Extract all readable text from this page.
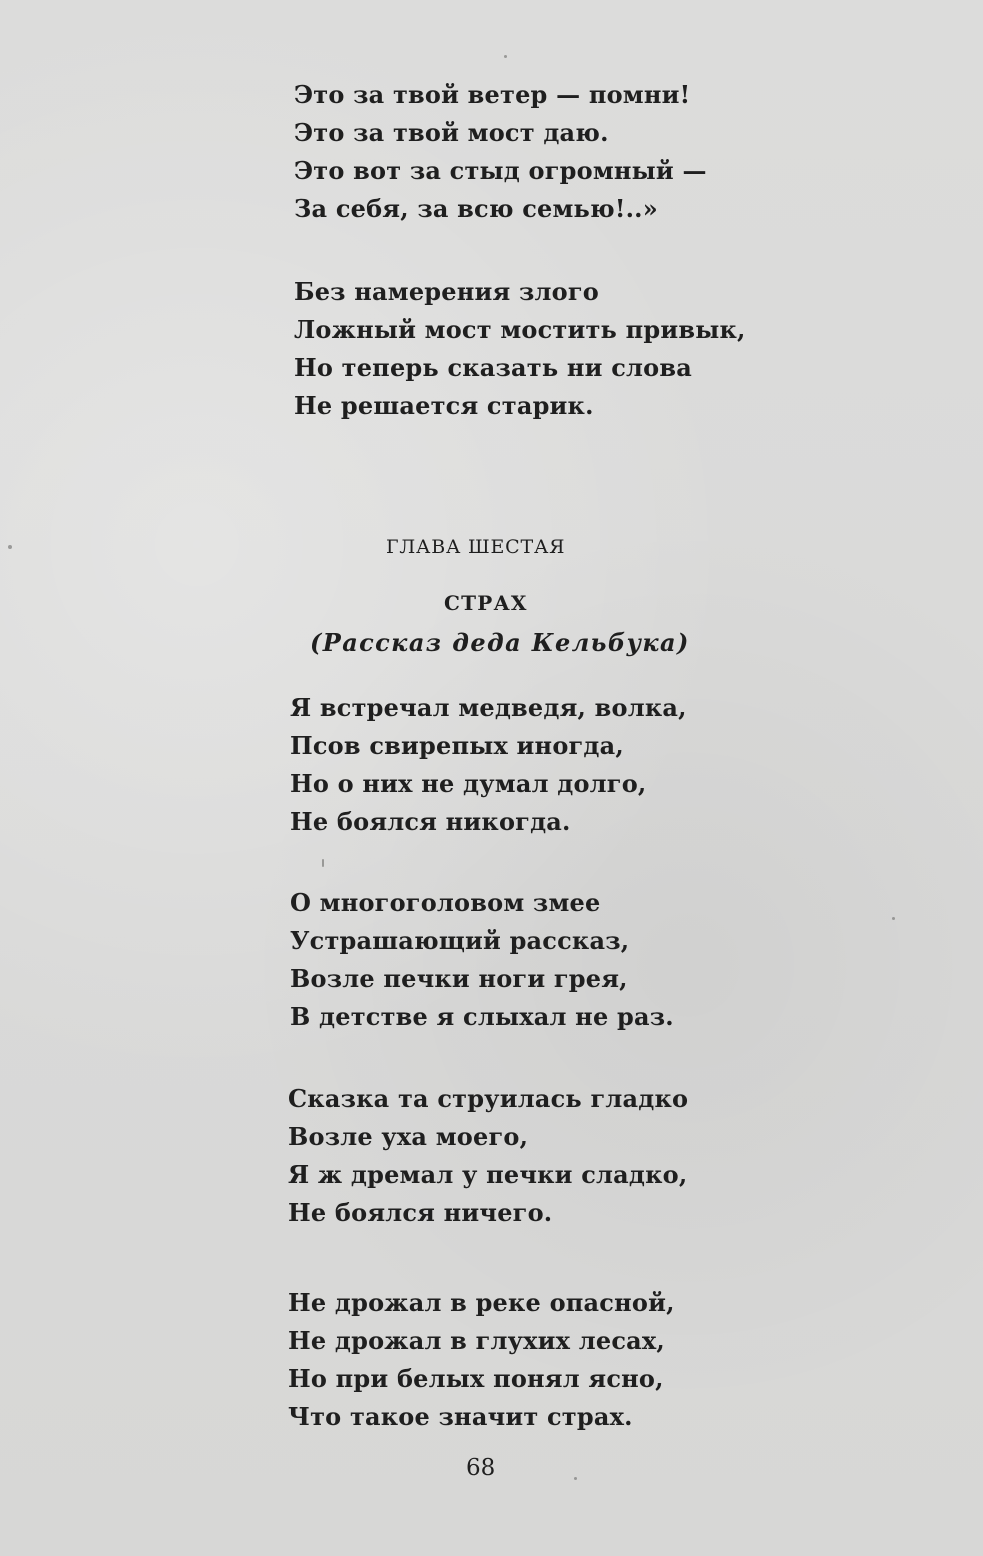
Это за твой ветер — помни!
Это за твой мост даю.
Это вот за стыд огромный —
За себя, за всю семью!..»
Без намерения злого
Ложный мост мостить привык,
Но теперь сказать ни слова
Не решается старик.
ГЛАВА ШЕСТАЯ
СТРАХ
(Рассказ деда Кельбука)
Я встречал медведя, волка,
Псов свирепых иногда,
Но о них не думал долго,
Не боялся никогда.
О многоголовом змее
Устрашающий рассказ,
Возле печки ноги грея,
В детстве я слыхал не раз.
Сказка та струилась гладко
Возле уха моего,
Я ж дремал у печки сладко,
Не боялся ничего.
Не дрожал в реке опасной,
Не дрожал в глухих лесах,
Но при белых понял ясно,
Что такое значит страх.
68
